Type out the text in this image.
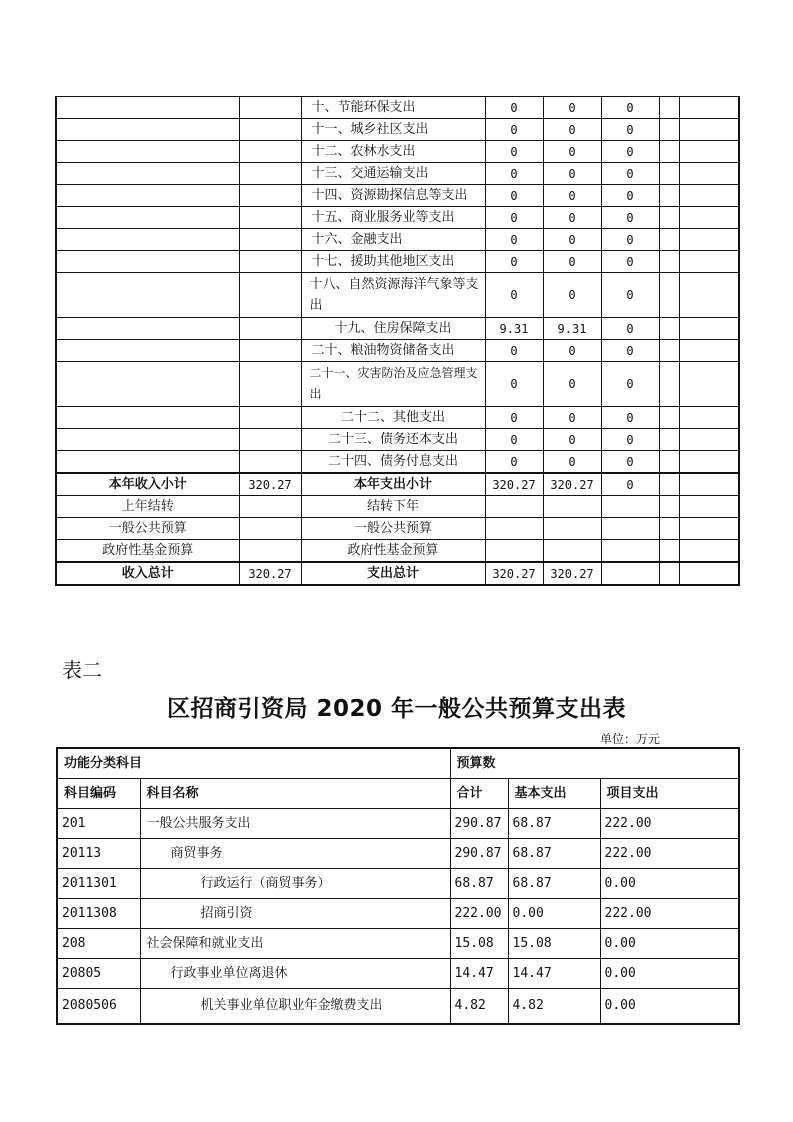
		十、节能环保支出	0	0	0		
		十一、城乡社区支出	0	0	0		
		十二、农林水支出	0	0	0		
		十三、交通运输支出	0	0	0		
		十四、资源勘探信息等支出	0	0	0		
		十五、商业服务业等支出	0	0	0		
		十六、金融支出	0	0	0		
		十七、援助其他地区支出	0	0	0		
		十八、自然资源海洋气象等支出	0	0	0		
		十九、住房保障支出	9.31	9.31	0		
		二十、粮油物资储备支出	0	0	0		
		二十一、灾害防治及应急管理支出	0	0	0		
		二十二、其他支出	0	0	0		
		二十三、债务还本支出	0	0	0		
		二十四、债务付息支出	0	0	0		
本年收入小计	320.27	本年支出小计	320.27	320.27	0		
上年结转		结转下年					
一般公共预算		一般公共预算					
政府性基金预算		政府性基金预算					
收入总计	320.27	支出总计	320.27	320.27			
表二
区招商引资局 2020 年一般公共预算支出表
单位：万元
功能分类科目		预算数		
科目编码	科目名称	合计	基本支出	项目支出
201	一般公共服务支出	290.87	68.87	222.00
20113	商贸事务	290.87	68.87	222.00
2011301	行政运行（商贸事务）	68.87	68.87	0.00
2011308	招商引资	222.00	0.00	222.00
208	社会保障和就业支出	15.08	15.08	0.00
20805	行政事业单位离退休	14.47	14.47	0.00
2080506	机关事业单位职业年金缴费支出	4.82	4.82	0.00
